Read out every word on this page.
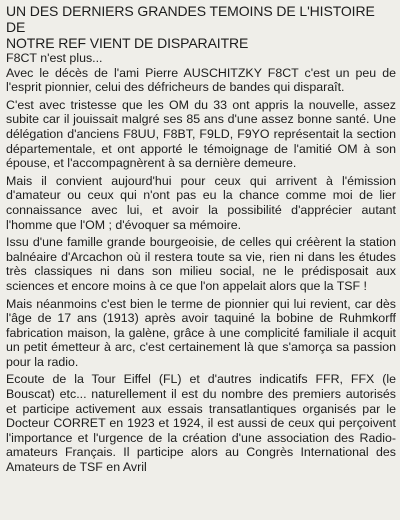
UN DES DERNIERS GRANDES TEMOINS DE L'HISTOIRE DE
NOTRE REF VIENT DE DISPARAITRE

F8CT n'est plus...

Avec le décès de l'ami Pierre AUSCHITZKY F8CT c'est un peu de l'esprit pionnier, celui des défricheurs de bandes qui disparaît.

C'est avec tristesse que les OM du 33 ont appris la nouvelle, assez subite car il jouissait malgré ses 85 ans d'une assez bonne santé. Une délégation d'anciens F8UU, F8BT, F9LD, F9YO représentait la section départementale, et ont apporté le témoignage de l'amitié OM à son épouse, et l'accompagnèrent à sa dernière demeure.

Mais il convient aujourd'hui pour ceux qui arrivent à l'émission d'amateur ou ceux qui n'ont pas eu la chance comme moi de lier connaissance avec lui, et avoir la possibilité d'apprécier autant l'homme que l'OM ; d'évoquer sa mémoire.

Issu d'une famille grande bourgeoisie, de celles qui créèrent la station balnéaire d'Arcachon où il restera toute sa vie, rien ni dans les études très classiques ni dans son milieu social, ne le prédisposait aux sciences et encore moins à ce que l'on appelait alors que la TSF !

Mais néanmoins c'est bien le terme de pionnier qui lui revient, car dès l'âge de 17 ans (1913) après avoir taquiné la bobine de Ruhmkorff fabrication maison, la galène, grâce à une complicité familiale il acquit un petit émetteur à arc, c'est certainement là que s'amorça sa passion pour la radio.

Ecoute de la Tour Eiffel (FL) et d'autres indicatifs FFR, FFX (le Bouscat) etc... naturellement il est du nombre des premiers autorisés et participe activement aux essais transatlantiques organisés par le Docteur CORRET en 1923 et 1924, il est aussi de ceux qui perçoivent l'importance et l'urgence de la création d'une association des Radio-amateurs Français. Il participe alors au Congrès International des Amateurs de TSF en Avril
